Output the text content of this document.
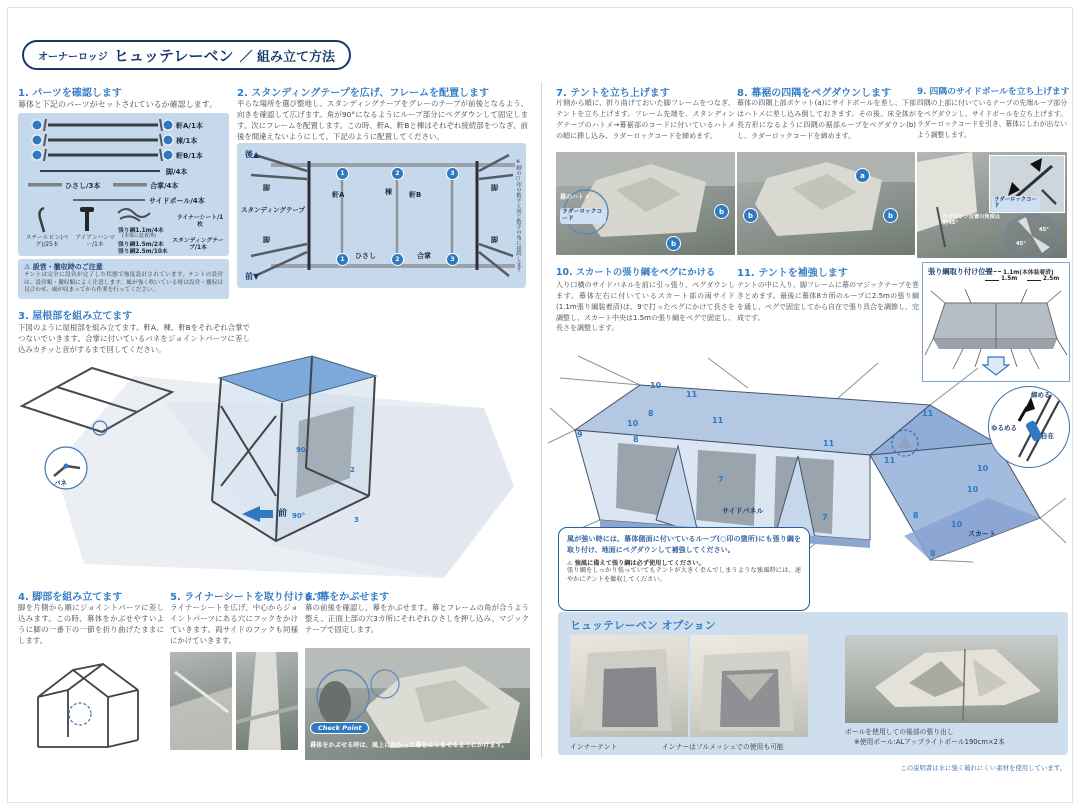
オーナーロッジ ヒュッテレーベン ／ 組み立て方法
1. パーツを確認します
幕体と下記のパーツがセットされているか確認します。
軒A/1本
棟/1本
軒B/1本
脚/4本
ひさし/3本	合掌/4本
サイドポール/4本
スチールピン(ペグ)/25本
アイアンハンマー/1本
張り綱1.1m/4本
(本体に装着済)
張り綱1.5m/2本
張り綱2.5m/10本
ライナーシート/1枚
スタンディングテープ/1本
⚠ 設営・撤収時のご注意
テントは完全に設営が完了した状態で強度設計されています。テントの設営は、設営順・撤収順によく注意します。風が強く吹いている時は設営・撤収は見合わせ、風が収まってから作業を行ってください。
2. スタンディングテープを広げ、フレームを配置します
平らな場所を選び整地し、スタンディングテープをグレーのテープが前後となるよう、向きを確認して広げます。角が90°になるようにループ部分にペグダウンして固定します。次にフレームを配置します。この時、軒A、軒Bと棟はそれぞれ接続部をつなぎ、前後を間違えないようにして、下記のように配置してください。
1	2	3
1	2	3
後▲
前▼
スタンディングテープ
脚
脚
脚
脚
軒A	棟 軒B
ひさし	合掌	※脚の○印の数字と同じ数字の角に接続します
3. 屋根部を組み立てます
下図のように屋根部を組み立てます。軒A、棟、軒Bをそれぞれ合掌でつないでいきます。合掌に付いているバネをジョイントパーツに差し込みカチッと音がするまで回してください。
バネ
90°
90°
2
3
前
4. 脚部を組み立てます
脚を片側から順にジョイントパーツに差し込みます。この時、幕体をかぶせやすいように脚の一番下の一節を折り曲げたままにします。
5. ライナーシートを取り付けます
ライナーシートを広げ、中心からジョイントパーツにある穴にフックをかけていきます。両サイドのフックも同様にかけていきます。
6. 幕をかぶせます
幕の前後を確認し、幕をかぶせます。幕とフレームの角が合うよう整え、正面上部の穴3カ所にそれぞれひさしを押し込み、マジックテープで固定します。
Check Point
幕体をかぶせる時は、風上に向かって幕をはらませるようにかけます。
7. テントを立ち上げます
片側から順に、折り曲げておいた脚フレームをつなぎ、テントを立ち上げます。フレーム先端を、スタンディングテープのハトメ→幕裾部のコードに付いているハトメの順に挿し込み、ラダーロックコードを締めます。
幕のハトメ
ラダーロックコード
b
b
8. 幕裾の四隅をペグダウンします
幕体の四隅上部ポケット(a)にサイドポールを差し、下部はハトメに差し込み倒しておきます。その後、床全体が長方形になるように四隅の裾部ループをペグダウン(b)し、ラダーロックコードを締めます。
a
b	b
9. 四隅のサイドポールを立ち上げます
四隅の上部に付いているテープの先端ループ部分をペグダウンし、サイドポールを立ち上げます。ラダーロックコードを引き、幕体にしわが出ないよう調整します。
ラダーロックコード
ペグダウン位置の角度は約45°
45°
45°
10. スカートの張り綱をペグにかける
入り口横のサイドパネルを前に引っ張り、ペグダウンします。幕体左右に付いているスカート部の両サイド(1.1m張り綱装着済)は、9で打ったペグにかけて長さを調整し、スカート中央は1.5mの張り綱をペグで固定し、長さを調整します。
11. テントを補強します
テントの中に入り、脚フレームに幕のマジックテープを巻きとめます。最後に幕体8カ所のループに2.5mの張り綱を通し、ペグで固定してから自在で張り具合を調節し、完成です。
張り綱取り付け位置 1.1m(本体装着済)
1.5m	2.5m
10
11
8
10
9
8
11
11
11
11
10
10
10
7
7	8
8
サイドパネル
スカート
締める
ゆるめる
自在
風が強い時には、幕体側面に付いているループ(○印の箇所)にも張り綱を取り付け、地面にペグダウンして補強してください。
⚠ 強風に備えて張り綱は必ず使用してください。
張り綱をしっかり張っていてもテントが大きく歪んでしまうような強風時には、速やかにテントを撤収してください。
ヒュッテレーベン オプション
インナーテント	インナーはフルメッシュでの使用も可能
ポールを使用しての後部の張り出し
※使用ポール:ALアップライトポール190cm×2本
この説明書は水に強く破れにくい素材を使用しています。
